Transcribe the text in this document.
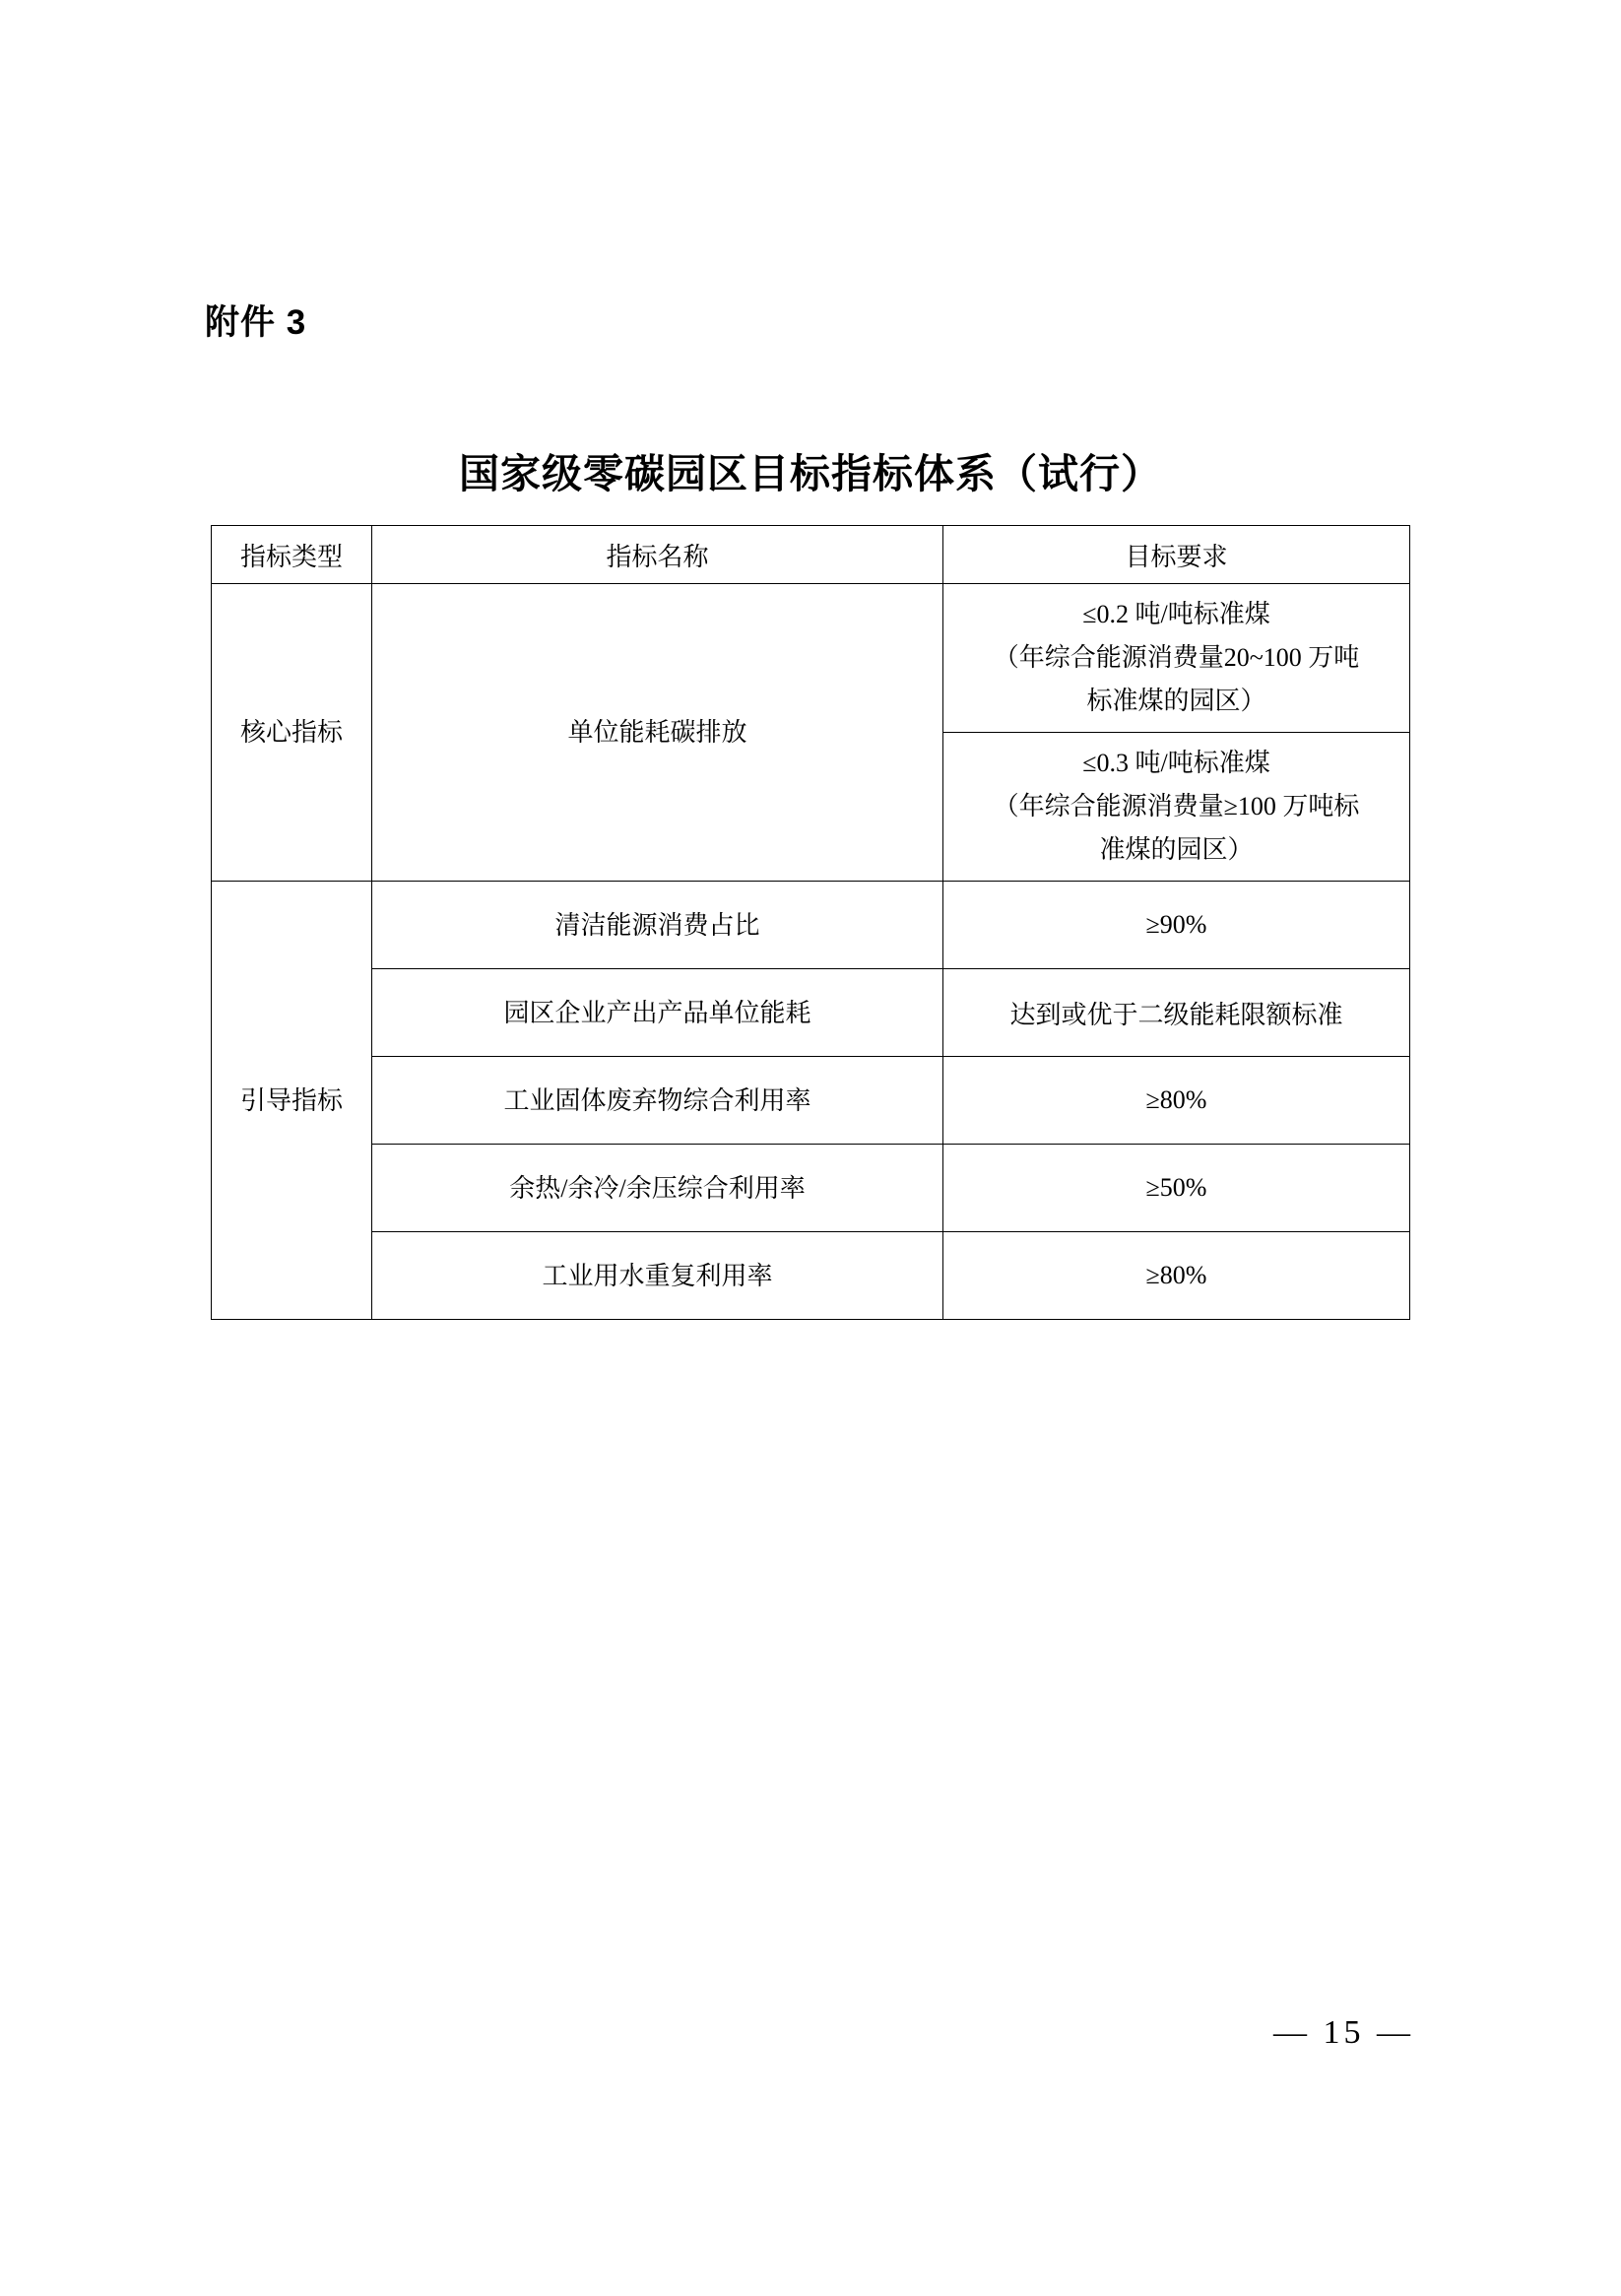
附件 3
国家级零碳园区目标指标体系（试行）
指标类型	指标名称	目标要求
核心指标	单位能耗碳排放	≤0.2 吨/吨标准煤
（年综合能源消费量20~100 万吨
标准煤的园区）

		≤0.3 吨/吨标准煤
（年综合能源消费量≥100 万吨标
准煤的园区）

引导指标	清洁能源消费占比	≥90%
	园区企业产出产品单位能耗	达到或优于二级能耗限额标准
	工业固体废弃物综合利用率	≥80%
	余热/余冷/余压综合利用率	≥50%
	工业用水重复利用率	≥80%
— 15 —
